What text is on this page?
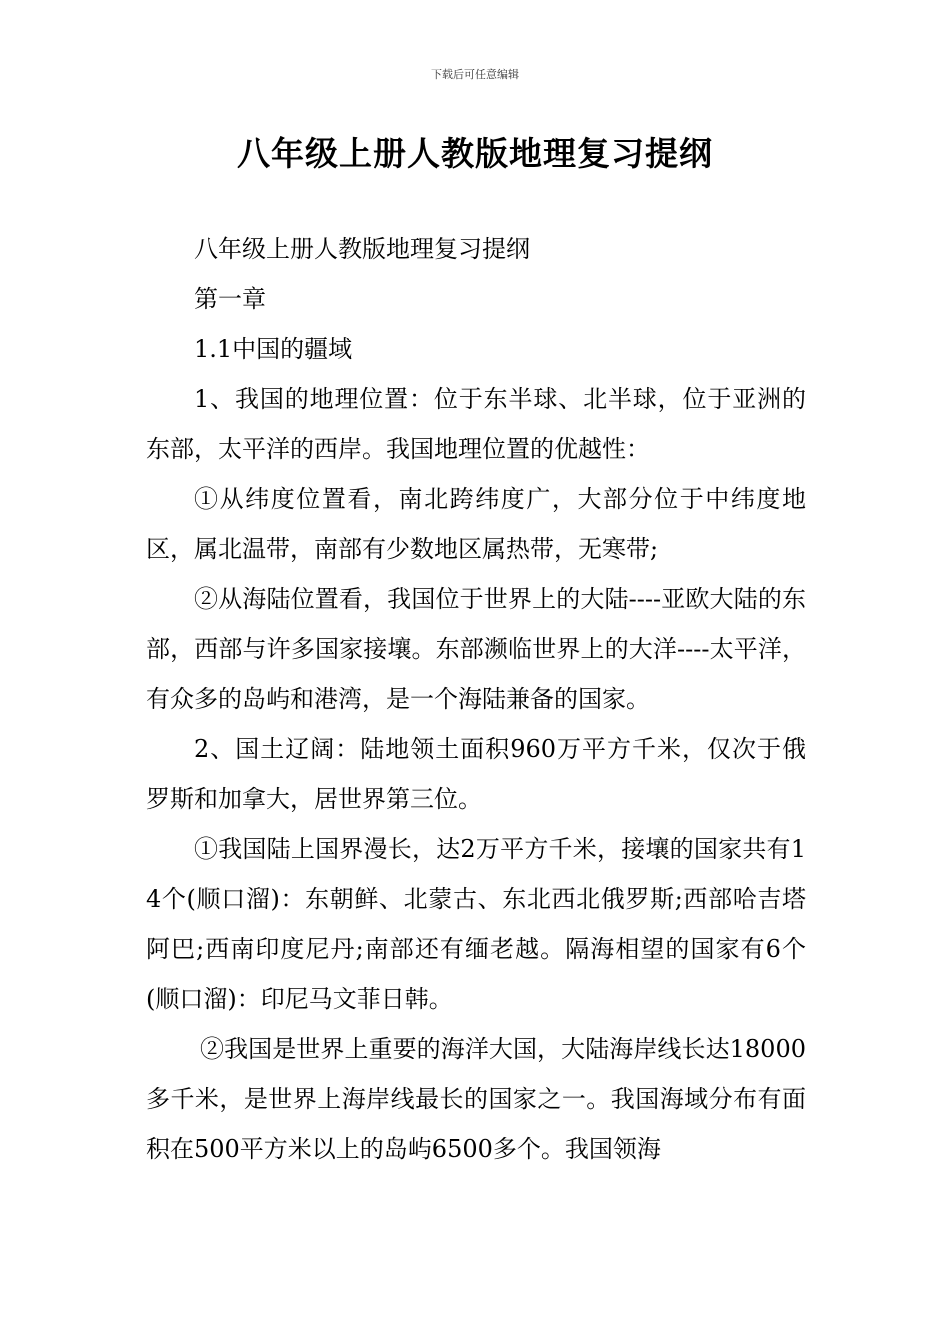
下载后可任意编辑
八年级上册人教版地理复习提纲

八年级上册人教版地理复习提纲

第一章

1.1中国的疆域

1、我国的地理位置：位于东半球、北半球，位于亚洲的东部，太平洋的西岸。我国地理位置的优越性：

①从纬度位置看，南北跨纬度广，大部分位于中纬度地区，属北温带，南部有少数地区属热带，无寒带;

②从海陆位置看，我国位于世界上的大陆----亚欧大陆的东部，西部与许多国家接壤。东部濒临世界上的大洋----太平洋，有众多的岛屿和港湾，是一个海陆兼备的国家。

2、国土辽阔：陆地领土面积960万平方千米，仅次于俄罗斯和加拿大，居世界第三位。

①我国陆上国界漫长，达2万平方千米，接壤的国家共有14个(顺口溜)：东朝鲜、北蒙古、东北西北俄罗斯;西部哈吉塔阿巴;西南印度尼丹;南部还有缅老越。隔海相望的国家有6个(顺口溜)：印尼马文菲日韩。

②我国是世界上重要的海洋大国，大陆海岸线长达18000多千米，是世界上海岸线最长的国家之一。我国海域分布有面积在500平方米以上的岛屿6500多个。我国领海
